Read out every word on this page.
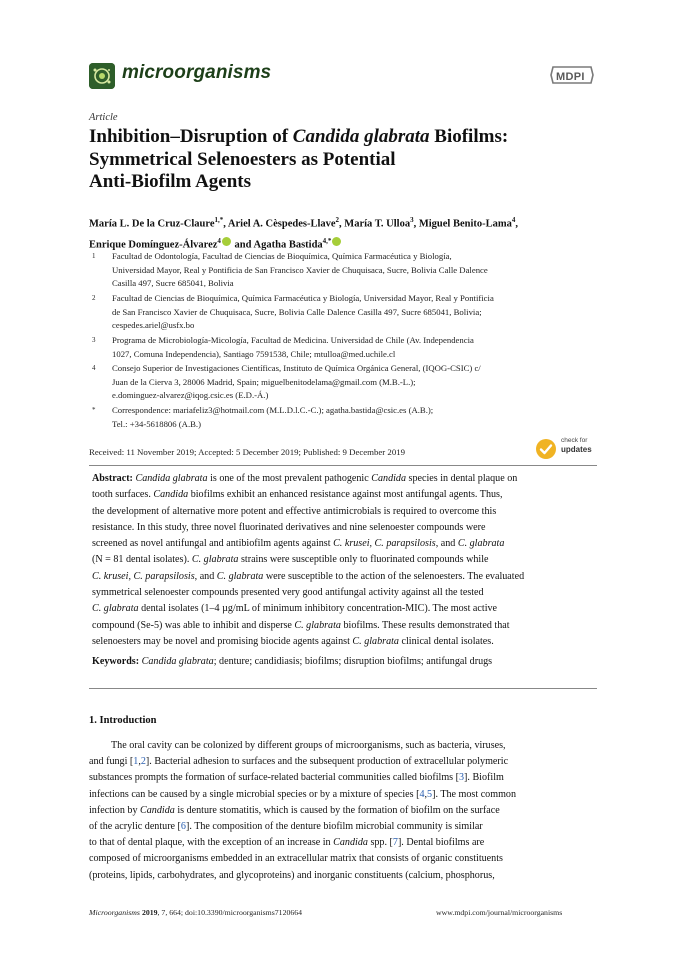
microorganisms	MDPI
Article
Inhibition–Disruption of Candida glabrata Biofilms:
Symmetrical Selenoesters as Potential
Anti-Biofilm Agents
María L. De la Cruz-Claure$^{1,*}$, Ariel A. Cèspedes-Llave$^2$, María T. Ulloa$^3$, Miguel Benito-Lama$^4$,
Enrique Domínguez-Álvarez$^4$ and Agatha Bastida$^{4,*}$
1 Facultad de Odontología, Facultad de Ciencias de Bioquímica, Química Farmacéutica y Biología,
Universidad Mayor, Real y Pontificia de San Francisco Xavier de Chuquisaca, Sucre, Bolivia Calle Dalence
Casilla 497, Sucre 685041, Bolivia
2 Facultad de Ciencias de Bioquímica, Química Farmacéutica y Biología, Universidad Mayor, Real y Pontificia
de San Francisco Xavier de Chuquisaca, Sucre, Bolivia Calle Dalence Casilla 497, Sucre 685041, Bolivia;
cespedes.ariel@usfx.bo
3 Programa de Microbiología-Micología, Facultad de Medicina. Universidad de Chile (Av. Independencia
1027, Comuna Independencia), Santiago 7591538, Chile; mtulloa@med.uchile.cl
4 Consejo Superior de Investigaciones Científicas, Instituto de Química Orgánica General, (IQOG-CSIC) c/
Juan de la Cierva 3, 28006 Madrid, Spain; miguelbenitodelama@gmail.com (M.B.-L.);
e.dominguez-alvarez@iqog.csic.es (E.D.-Á.)
* Correspondence: mariafeliz3@hotmail.com (M.L.D.l.C.-C.); agatha.bastida@csic.es (A.B.);
Tel.: +34-5618806 (A.B.)
Received: 11 November 2019; Accepted: 5 December 2019; Published: 9 December 2019
check for
updates
Abstract: Candida glabrata is one of the most prevalent pathogenic Candida species in dental plaque on
tooth surfaces. Candida biofilms exhibit an enhanced resistance against most antifungal agents. Thus,
the development of alternative more potent and effective antimicrobials is required to overcome this
resistance. In this study, three novel fluorinated derivatives and nine selenoester compounds were
screened as novel antifungal and antibiofilm agents against C. krusei, C. parapsilosis, and C. glabrata
(N = 81 dental isolates). C. glabrata strains were susceptible only to fluorinated compounds while
C. krusei, C. parapsilosis, and C. glabrata were susceptible to the action of the selenoesters. The evaluated
symmetrical selenoester compounds presented very good antifungal activity against all the tested
C. glabrata dental isolates (1–4 µg/mL of minimum inhibitory concentration-MIC). The most active
compound (Se-5) was able to inhibit and disperse C. glabrata biofilms. These results demonstrated that
selenoesters may be novel and promising biocide agents against C. glabrata clinical dental isolates.
Keywords: Candida glabrata; denture; candidiasis; biofilms; disruption biofilms; antifungal drugs
1. Introduction
The oral cavity can be colonized by different groups of microorganisms, such as bacteria, viruses,
and fungi [1,2]. Bacterial adhesion to surfaces and the subsequent production of extracellular polymeric
substances prompts the formation of surface-related bacterial communities called biofilms [3]. Biofilm
infections can be caused by a single microbial species or by a mixture of species [4,5]. The most common
infection by Candida is denture stomatitis, which is caused by the formation of biofilm on the surface
of the acrylic denture [6]. The composition of the denture biofilm microbial community is similar
to that of dental plaque, with the exception of an increase in Candida spp. [7]. Dental biofilms are
composed of microorganisms embedded in an extracellular matrix that consists of organic constituents
(proteins, lipids, carbohydrates, and glycoproteins) and inorganic constituents (calcium, phosphorus,
Microorganisms 2019, 7, 664; doi:10.3390/microorganisms7120664	www.mdpi.com/journal/microorganisms
